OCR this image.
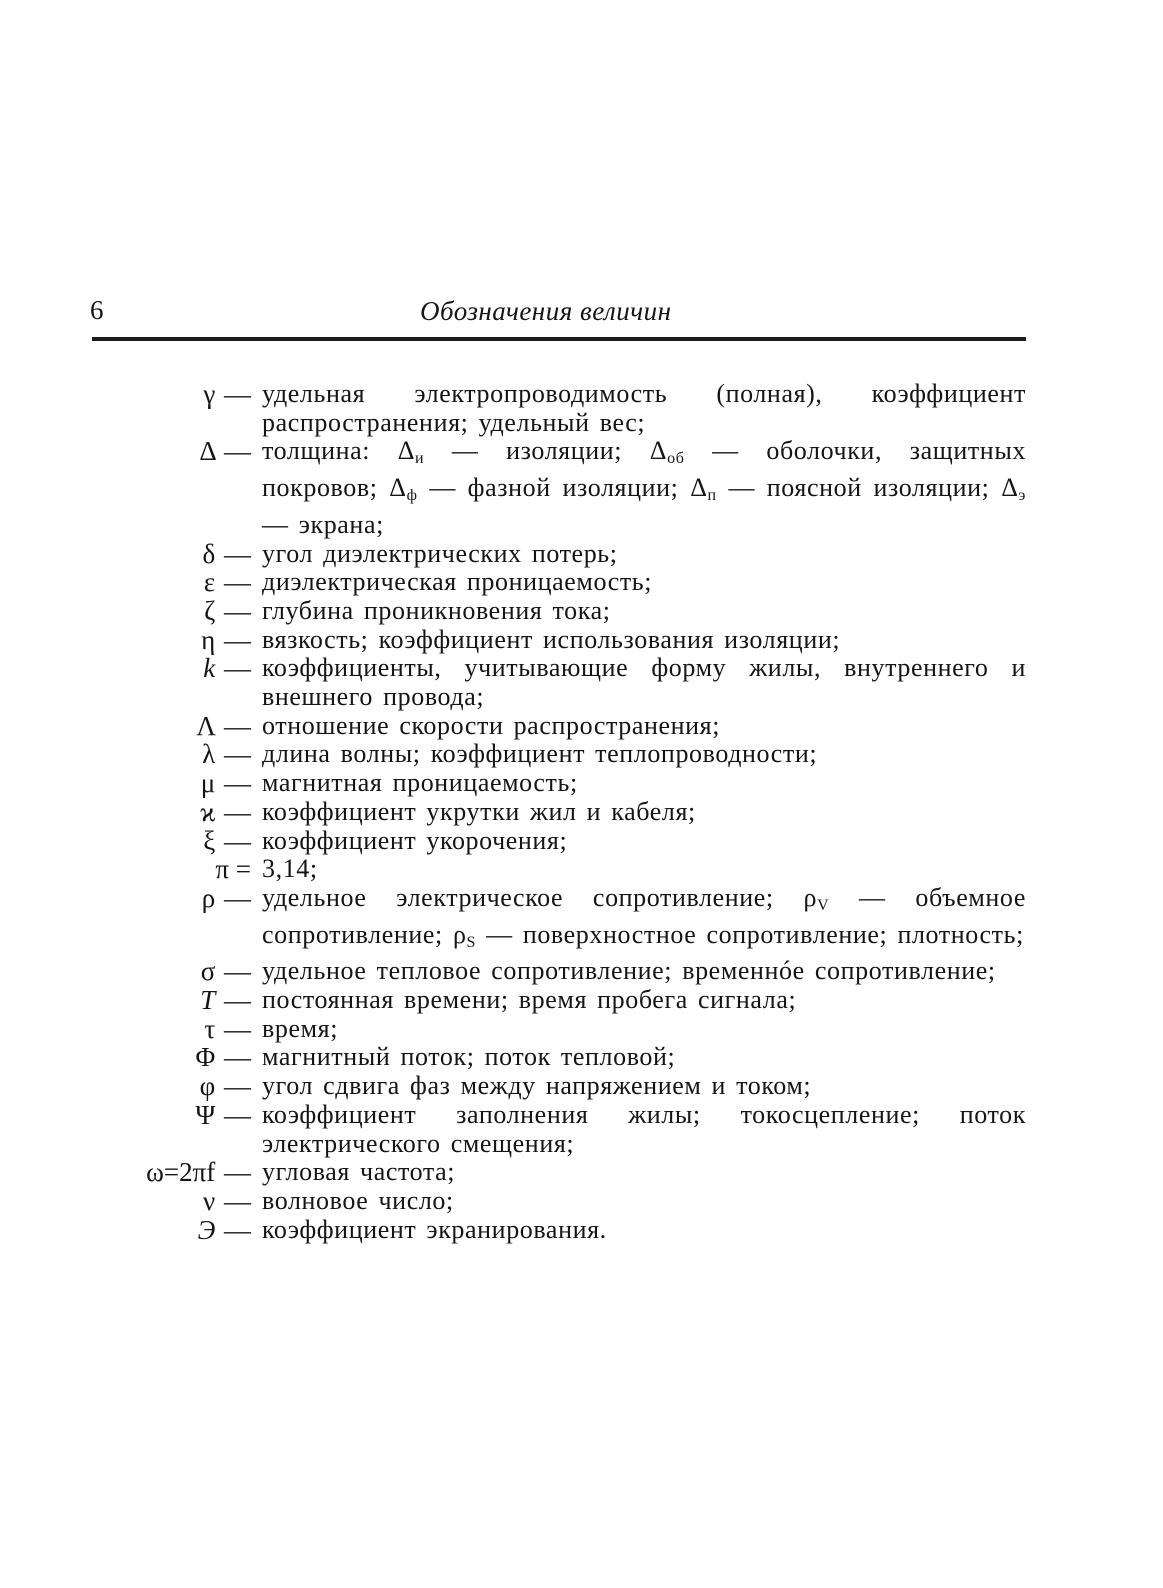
6	Обозначения величин
γ — удельная электропроводимость (полная), коэффициент распространения; удельный вес;
Δ — толщина: $\Delta_и$ — изоляции; $\Delta_{об}$ — оболочки, защитных покровов; $\Delta_ф$ — фазной изоляции; $\Delta_п$ — поясной изоляции; $\Delta_э$ — экрана;
δ — угол диэлектрических потерь;
ε — диэлектрическая проницаемость;
ζ — глубина проникновения тока;
η — вязкость; коэффициент использования изоляции;
k — коэффициенты, учитывающие форму жилы, внутреннего и внешнего провода;
Λ — отношение скорости распространения;
λ — длина волны; коэффициент теплопроводности;
μ — магнитная проницаемость;
ϰ — коэффициент укрутки жил и кабеля;
ξ — коэффициент укорочения;
π = 3,14;
ρ — удельное электрическое сопротивление; $\rho_V$ — объемное сопротивление; $\rho_S$ — поверхностное сопротивление; плотность;
σ — удельное тепловое сопротивление; временнóе сопротивление;
T — постоянная времени; время пробега сигнала;
τ — время;
Φ — магнитный поток; поток тепловой;
φ — угол сдвига фаз между напряжением и током;
Ψ — коэффициент заполнения жилы; токосцепление; поток электрического смещения;
ω=2πf — угловая частота;
ν — волновое число;
Э — коэффициент экранирования.
